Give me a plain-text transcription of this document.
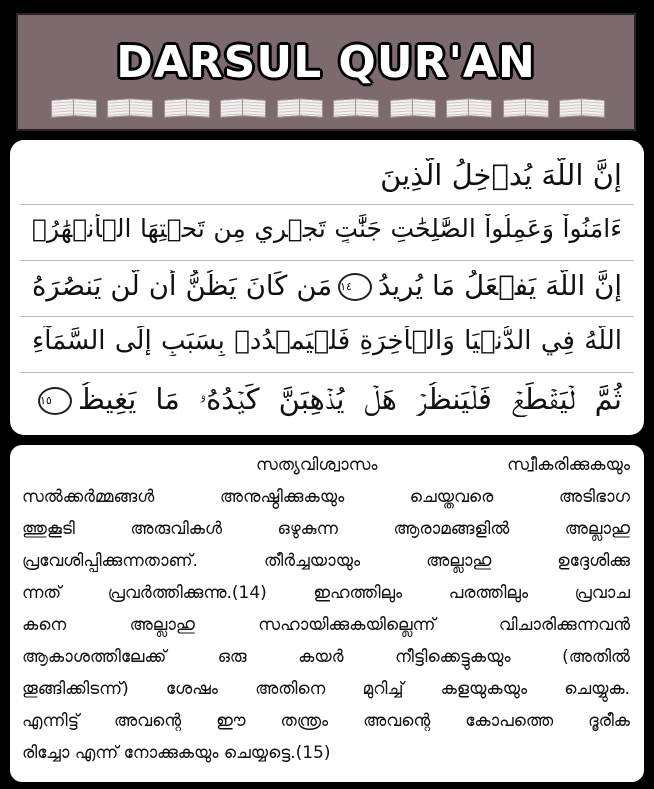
DARSUL QUR'AN
إِنَّ اللَّهَ يُدۡخِلُ الَّذِينَ
ءَامَنُواْ وَعَمِلُواْ الصَّٰلِحَٰتِ جَنَّٰتٍ تَجۡرِي مِن تَحۡتِهَا الۡأَنۡهَٰرُۚ
إِنَّ اللَّهَ يَفۡعَلُ مَا يُرِيدُ١٤مَن كَانَ يَظُنُّ أَن لَّن يَنصُرَهُ
اللَّهُ فِي الدُّنۡيَا وَالۡأٓخِرَةِ فَلۡيَمۡدُدۡ بِسَبَبٍ إِلَى السَّمَآءِ
ثُمَّ لۡيَقۡطَعۡ فَلۡيَنظُرۡ هَلۡ يُذۡهِبَنَّ كَيۡدُهُۥ مَا يَغِيظُ١٥
സത്യവിശ്വാസം സ്വീകരിക്കുകയും
സൽക്കർമ്മങ്ങൾ അനുഷ്ഠിക്കുകയും ചെയ്തവരെ അടിഭാഗ
ത്തുകൂടി അരുവികൾ ഒഴുകുന്ന ആരാമങ്ങളിൽ അല്ലാഹു
പ്രവേശിപ്പിക്കുന്നതാണ്. തീർച്ചയായും അല്ലാഹു ഉദ്ദേശിക്കു
ന്നത് പ്രവർത്തിക്കുന്നു.(14) ഇഹത്തിലും പരത്തിലും പ്രവാച
കനെ അല്ലാഹു സഹായിക്കുകയില്ലെന്ന് വിചാരിക്കുന്നവൻ
ആകാശത്തിലേക്ക് ഒരു കയർ നീട്ടിക്കെട്ടുകയും (അതിൽ
തൂങ്ങിക്കിടന്ന്) ശേഷം അതിനെ മുറിച്ച് കളയുകയും ചെയ്യുക.
എന്നിട്ട് അവന്റെ ഈ തന്ത്രം അവന്റെ കോപത്തെ ദൂരീക
രിച്ചോ എന്ന് നോക്കുകയും ചെയ്യട്ടെ.(15)
